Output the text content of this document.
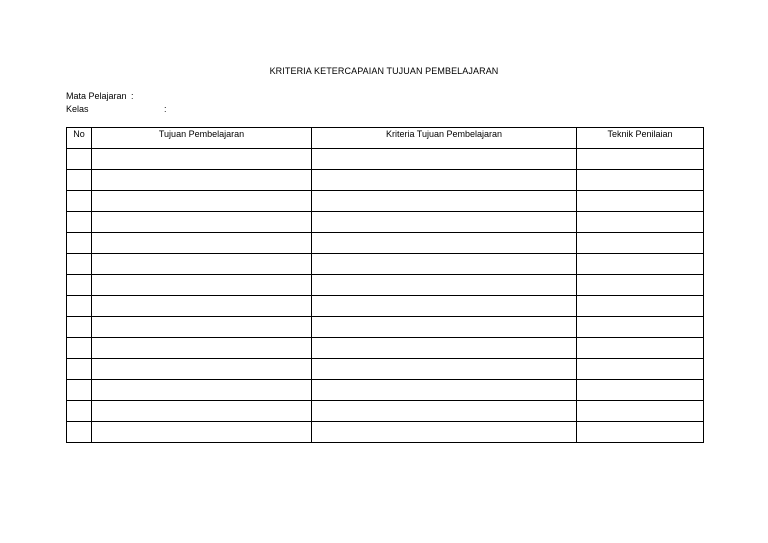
KRITERIA KETERCAPAIAN TUJUAN PEMBELAJARAN
Mata Pelajaran :
Kelas	:
No	Tujuan Pembelajaran	Kriteria Tujuan Pembelajaran	Teknik Penilaian
